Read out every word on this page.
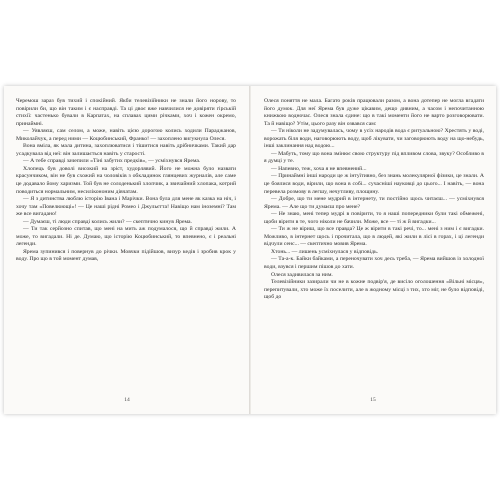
Черемош зараз був тихий і спокійний. Якби телевізійники не знали його норову, то повірили би, що він таким і є насправді. Та ці двоє вже навчилися не довіряти гірській стихії: частенько бували в Карпатах, на сплавах цими річками, хоч і кожен окремо, принаймні.

— Уявляєш, сам селом, а може, навіть цією дорогою колись ходили Параджанов, Миколайчук, а перед ними — Коцюбинський, Франко! — захоплено вигукнула Олеся.

Вона вміла, як мала дитина, захоплюватися і тішитися навіть дрібничками. Такий дар усадкувала від неї: він залишається навіть у старості.

— А тебе справді зачепили «Тіні забутих предків», — усміхнувся Ярема.

Хлопець був доволі високий на зріст, худорлявий. Його не можна було назвати красунчиком, він не був схожий на чоловіків з обкладинок глянцевих журналів, але саме це додавало йому харизми. Той був не солоденький хлопчик, а звичайний хлопака, котрий поводиться нормальним, несилікононим дівчатам.

— Я з дитинства люблю історію Івана і Марічки. Вона була для мене як казка на ніч, і хочу там «Повелюющі»! — Це наші рідні Ромео і Джульєтта! Навіщо нам іноземні? Там же все вигадано!

— Думаєш, ті люди справді колись жили? — скептично кинув Ярема.

— Ти так серйозно спитав, що мені на мить аж подумалося, що й справді жили. А може, то вигадали. Ні де. Думаю, що історію Коцюбинський, то впевнено, є і реальні легенди.

Ярема зупинився і повернув до річки. Мовчки підійшов, визур кедів і зробив крок у воду. Про що в той момент думав,

14

Олеся поняття не мала. Багато років працювали разом, а вона дотепер не могла вгадати його думок. Для неї Ярема був дуже цікавим, дещо дивним, а часом і непочитанною книжкою водночас. Олеся знала єдине: що в такі моменти його не варто розговорювати. Та й навіщо? Утім, цього разу він озвався сам:

— Ти ніколи не задумувалась, чому в усіх народів вода є ритуальною? Хрестять у воді, ворожать біля води, наговорюють воду, щоб лікувати, чи заговорюють воду на що-небудь, інші заклинання над водою...

— Мабуть, тому що вона змінює свою структуру під впливом слова, звуку? Особливо в я думці у те.

— Напевно, теж, хоча я не впевнений...

— Принаймні інші народи це ж інтуїтивно, без знань молекулярної фізики, це знали. А це боялися води, вірили, що вона в собі... сучасніші науковці до цього... І навіть, — вона перевела розмову в легшу, нечутливу, площину.

— Добре, що ти мене мудрий в інтернету, ти постійно щось читаєш... — усміхнувся Ярема. — Але що ти думаєш про мене?

— Не знаю, мені тепер мудрі в повірити, то я наші попередники були такі обмежені, щоби вірити в те, чого ніколи не бачили. Може, все — ті ж й вигадки...

— Ти ж не віриш, що все правда? Це ж вірити в такі речі, то... мені з ним і є вигадки. Можливо, в інтернет щось і прочитала, що в людей, які жили в лісі в горах, і ці легенди відчули сенс... — скептично мовив Ярема.

Хтонь... — лишень усміхнулася у відповідь.

— Та-а-к. Байки байками, а переночувати хоч десь треба, — Ярема вийшов із холодної води, взувся і першим пішов до хати.

Олеся задивилася за ним.

Телевізійники зазирали чи не в кожне подвір'я, де висіло оголошення «Вільні місця», перепитували, хто може їх поселити, але в жодному місці з тих, хто міг, не було відповіді, щоб до

15
